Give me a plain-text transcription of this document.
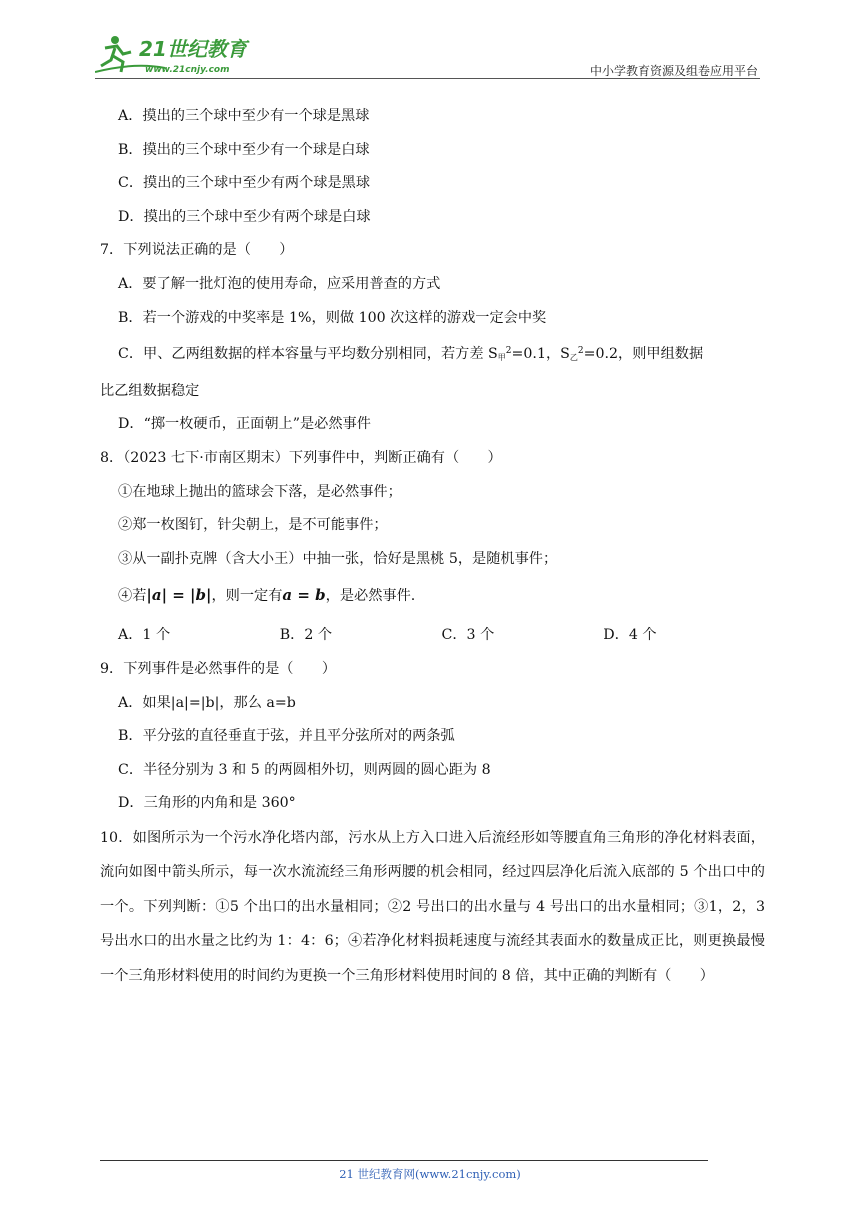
21世纪教育
www.21cnjy.com	中小学教育资源及组卷应用平台
A．摸出的三个球中至少有一个球是黑球
B．摸出的三个球中至少有一个球是白球
C．摸出的三个球中至少有两个球是黑球
D．摸出的三个球中至少有两个球是白球
7．下列说法正确的是（　　）
A．要了解一批灯泡的使用寿命，应采用普查的方式
B．若一个游戏的中奖率是 1%，则做 100 次这样的游戏一定会中奖
C．甲、乙两组数据的样本容量与平均数分别相同，若方差 $S_甲^2=0.1$，$S_乙^2=0.2$，则甲组数据
比乙组数据稳定
D．“掷一枚硬币，正面朝上”是必然事件
8．（2023 七下·市南区期末）下列事件中，判断正确有（　　）
①在地球上抛出的篮球会下落，是必然事件；
②郑一枚图钉，针尖朝上，是不可能事件；
③从一副扑克牌（含大小王）中抽一张，恰好是黑桃 5，是随机事件；
④若|a| = |b|，则一定有a = b，是必然事件.
A．1 个	B．2 个	C．3 个	D．4 个
9．下列事件是必然事件的是（　　）
A．如果|a|=|b|，那么 a=b
B．平分弦的直径垂直于弦，并且平分弦所对的两条弧
C．半径分别为 3 和 5 的两圆相外切，则两圆的圆心距为 8
D．三角形的内角和是 360°
10．如图所示为一个污水净化塔内部，污水从上方入口进入后流经形如等腰直角三角形的净化材料表面，流向如图中箭头所示，每一次水流流经三角形两腰的机会相同，经过四层净化后流入底部的 5 个出口中的一个。下列判断：①5 个出口的出水量相同；②2 号出口的出水量与 4 号出口的出水量相同；③1，2，3 号出水口的出水量之比约为 1：4：6；④若净化材料损耗速度与流经其表面水的数量成正比，则更换最慢一个三角形材料使用的时间约为更换一个三角形材料使用时间的 8 倍，其中正确的判断有（　　）
21 世纪教育网(www.21cnjy.com)
